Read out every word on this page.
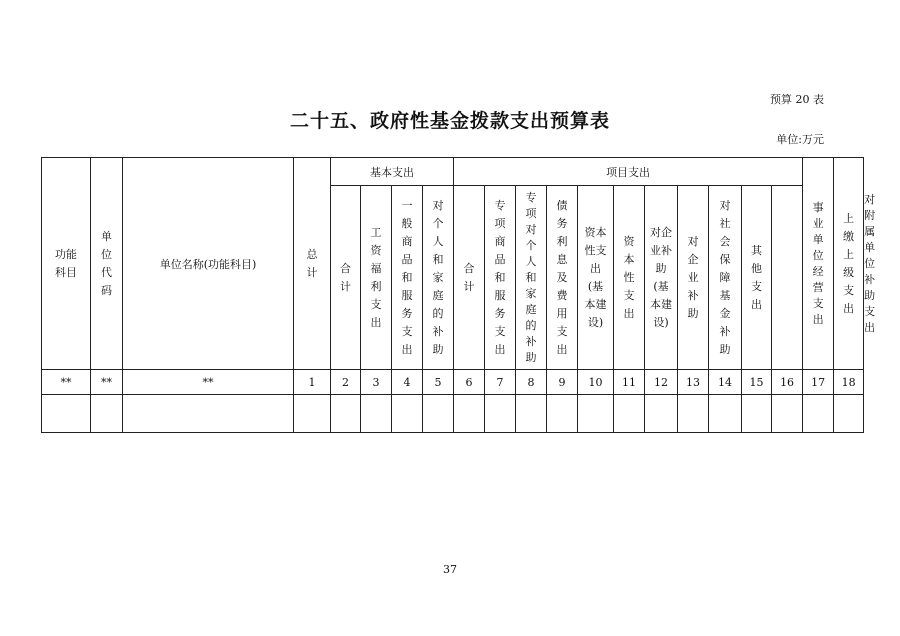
预算 20 表
二十五、政府性基金拨款支出预算表
单位:万元
功能科目	单位代码	单位名称(功能科目)	总计	基本支出				项目支出											事业单位经营支出	上缴上级支出	对附属单位补助支出
				合计	工资福利支出	一般商品和服务支出	对个人和家庭的补助	合计	专项商品和服务支出	专项对个人和家庭的补助	债务利息及费用支出	资本性支出(基本建设)	资本性支出	对企业补助(基本建设)	对企业补助	对社会保障基金补助	其他支出				
**	**	**	1	2	3	4	5	6	7	8	9	10	11	12	13	14	15	16	17	18	

37
